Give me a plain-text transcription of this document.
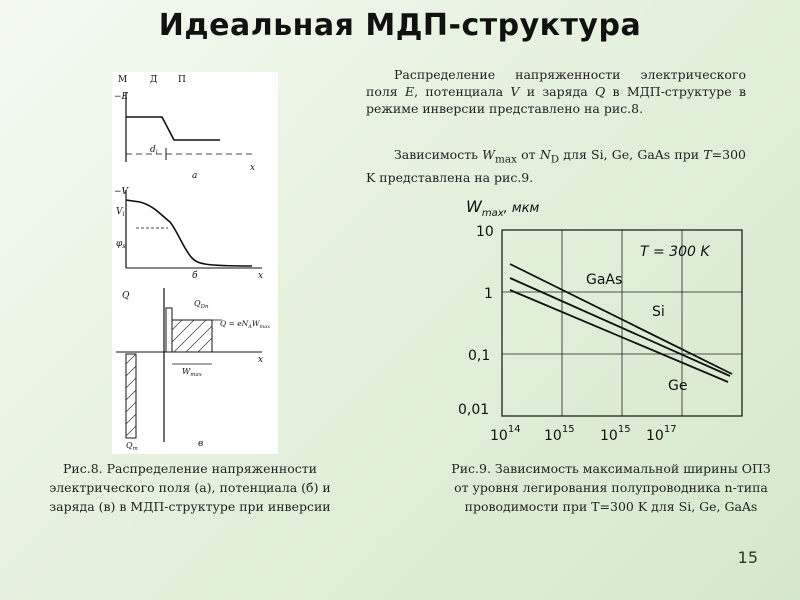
Идеальная МДП-структура
М	Д П
−E
$d_i$
x
а
−V
$V_i$
$\varphi_s$
x
б
Q
x
$Q_{Dn}$
$Q = eN_AW_{max}$
$W_{max}$
$Q_m$	в
Рис.8. Распределение напряженности
электрического поля (а), потенциала (б) и
заряда (в) в МДП-структуре при инверсии
Распределение напряженности электрического поля E, потенциала V и заряда Q в МДП-структуре в режиме инверсии представлено на рис.8.
Зависимость $W_{max}$ от $N_D$ для Si, Ge, GaAs при T=300 K представлена на рис.9.
$W_{max}^{, мкм}$
10
1
0,1
0,01
$10^{14}$ $10^{15}$ $10^{15}$ $10^{17}$
T = 300 K
GaAs
Si
Ge
Рис.9. Зависимость максимальной ширины ОПЗ
от уровня легирования полупроводника n-типа
проводимости при T=300 K для Si, Ge, GaAs
15
